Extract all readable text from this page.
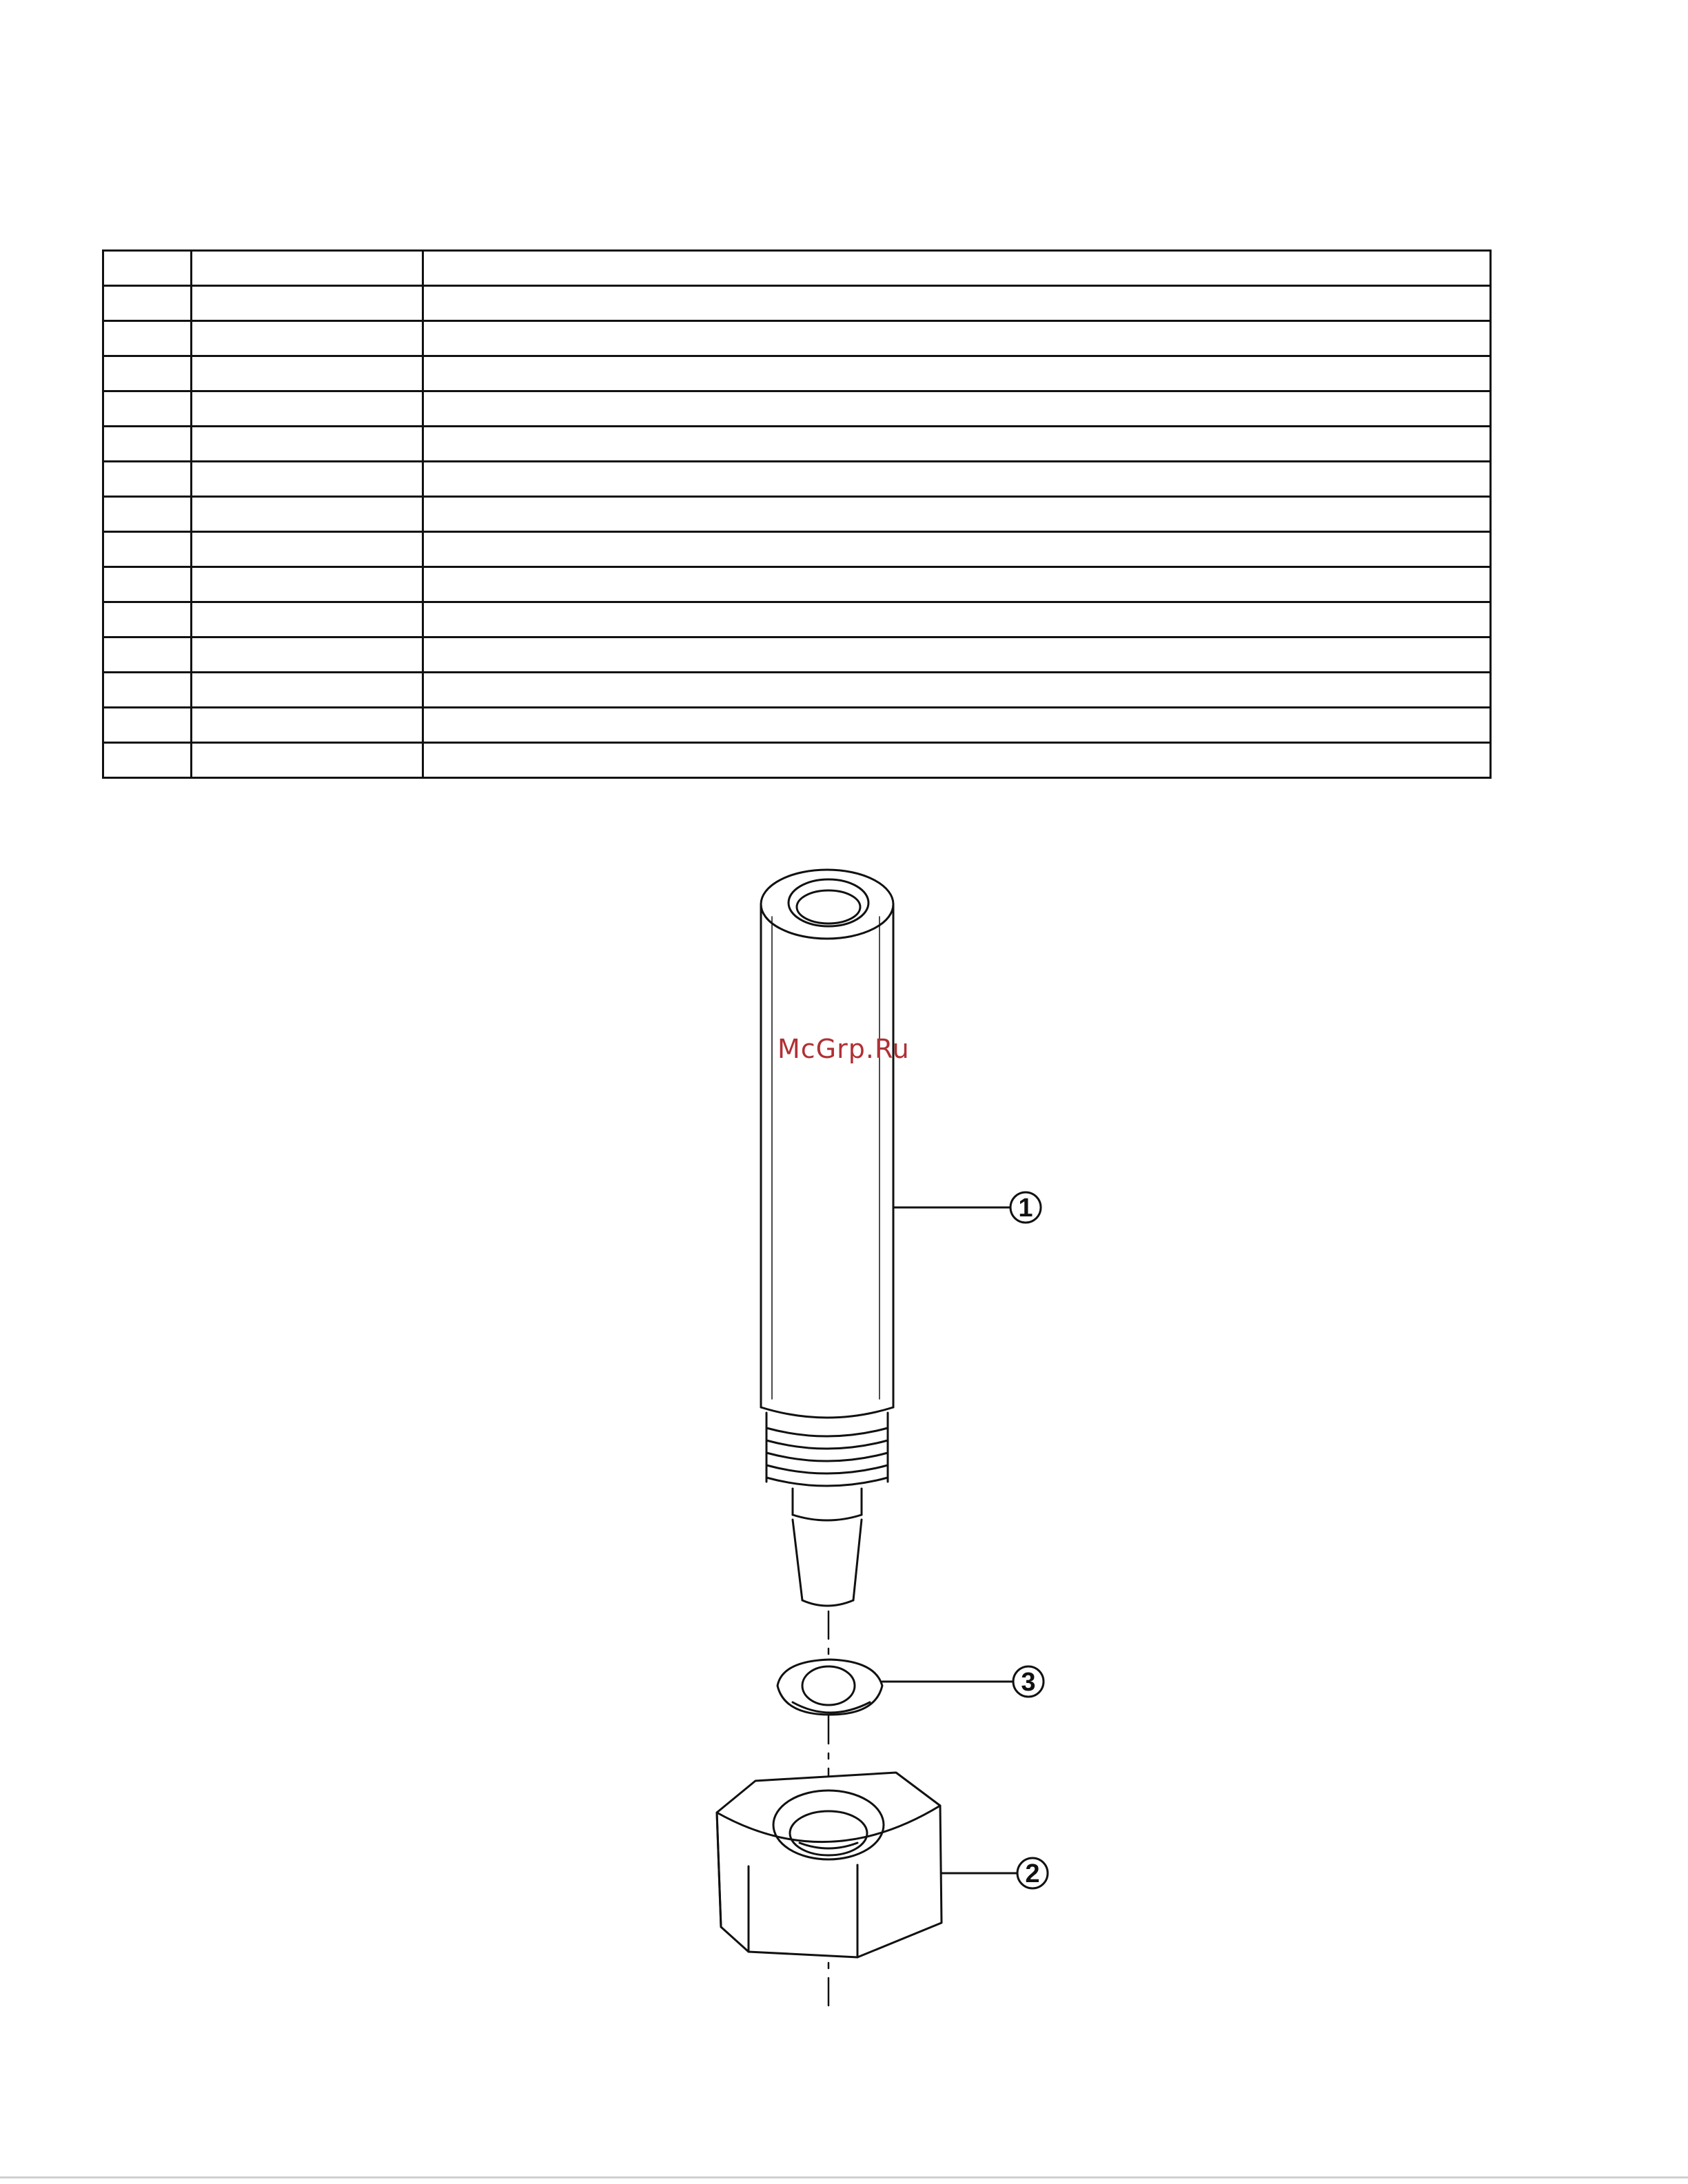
1
3
2
McGrp.Ru
